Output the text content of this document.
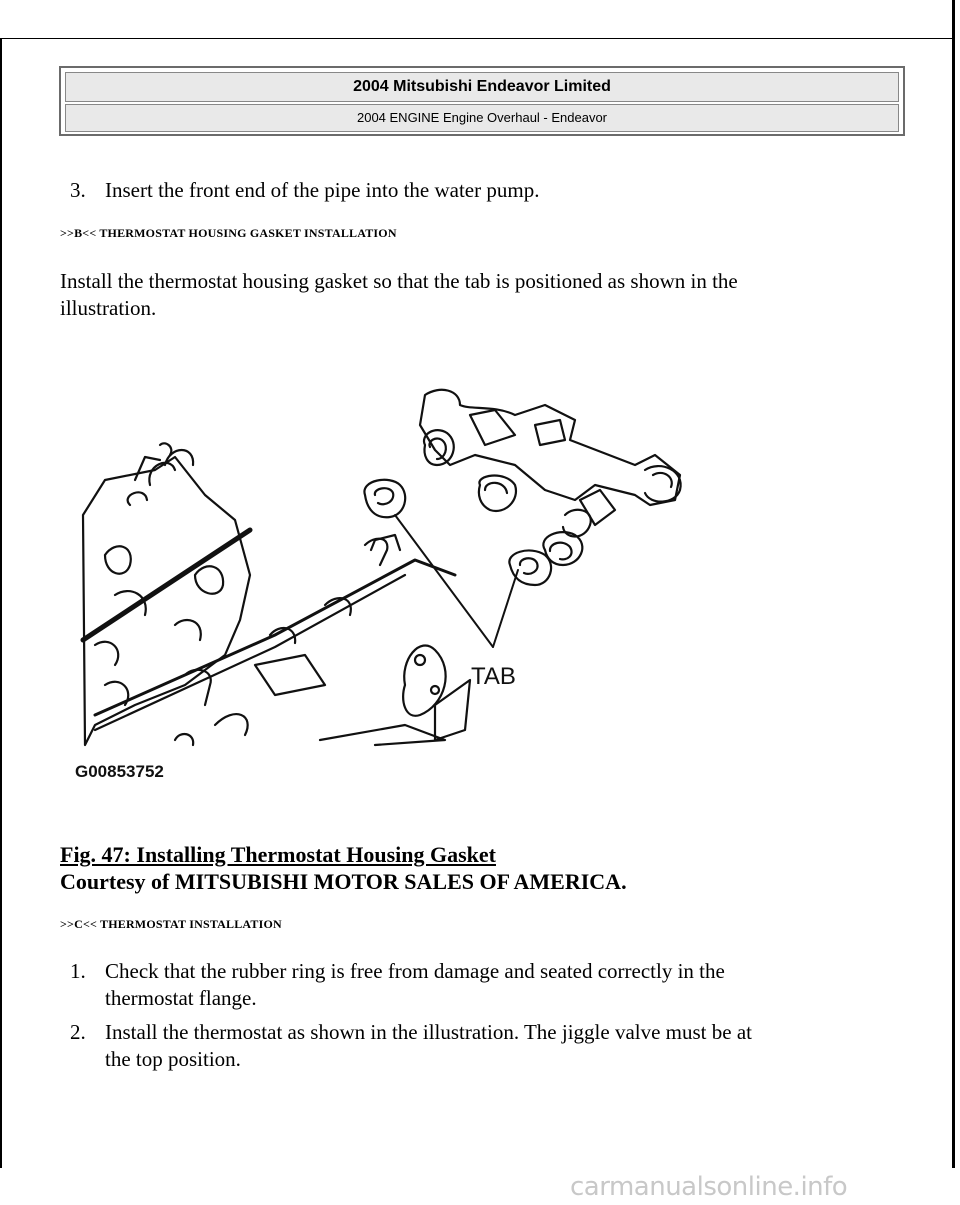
2004 Mitsubishi Endeavor Limited
2004 ENGINE Engine Overhaul - Endeavor
3. Insert the front end of the pipe into the water pump.
>>B<< THERMOSTAT HOUSING GASKET INSTALLATION
Install the thermostat housing gasket so that the tab is positioned as shown in the
illustration.
TAB
G00853752
Fig. 47: Installing Thermostat Housing Gasket
Courtesy of MITSUBISHI MOTOR SALES OF AMERICA.
>>C<< THERMOSTAT INSTALLATION
1. Check that the rubber ring is free from damage and seated correctly in the
thermostat flange.
2. Install the thermostat as shown in the illustration. The jiggle valve must be at
the top position.
carmanualsonline.info
